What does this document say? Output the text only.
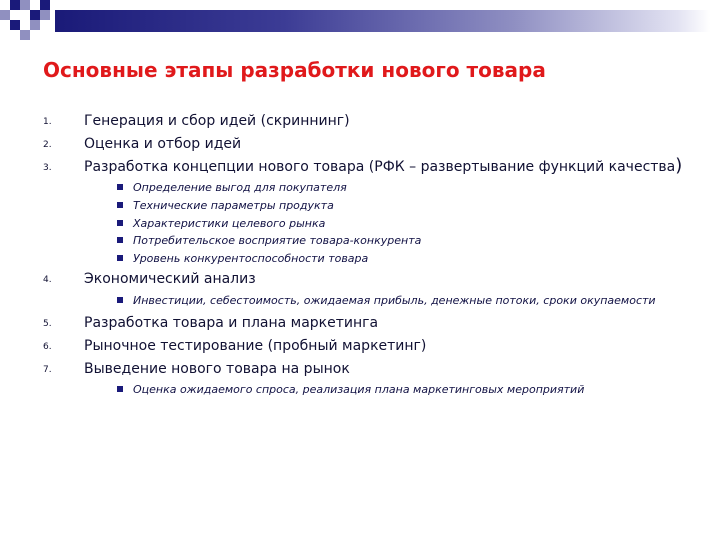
Основные этапы разработки нового товара
1. Генерация и сбор идей (скриннинг)
2. Оценка и отбор идей
3. Разработка концепции нового товара (РФК – развертывание функций качества)
Определение выгод для покупателя
Технические параметры продукта
Характеристики целевого рынка
Потребительское восприятие товара-конкурента
Уровень конкурентоспособности товара
4. Экономический анализ
Инвестиции, себестоимость, ожидаемая прибыль, денежные потоки, сроки окупаемости
5. Разработка товара и плана маркетинга
6. Рыночное тестирование (пробный маркетинг)
7. Выведение нового товара на рынок
Оценка ожидаемого спроса, реализация плана маркетинговых мероприятий
